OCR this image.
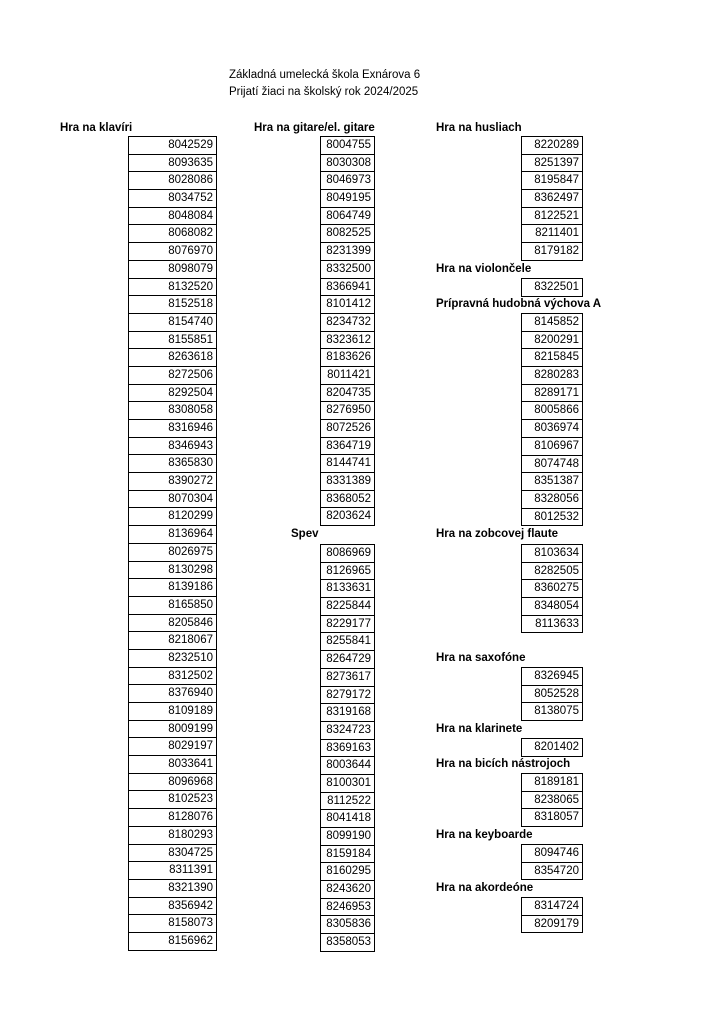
Základná umelecká škola Exnárova 6
Prijatí žiaci na školský rok 2024/2025
Hra na klavíri
8042529
8093635
8028086
8034752
8048084
8068082
8076970
8098079
8132520
8152518
8154740
8155851
8263618
8272506
8292504
8308058
8316946
8346943
8365830
8390272
8070304
8120299
8136964
8026975
8130298
8139186
8165850
8205846
8218067
8232510
8312502
8376940
8109189
8009199
8029197
8033641
8096968
8102523
8128076
8180293
8304725
8311391
8321390
8356942
8158073
8156962
Hra na gitare/el. gitare
8004755
8030308
8046973
8049195
8064749
8082525
8231399
8332500
8366941
8101412
8234732
8323612
8183626
8011421
8204735
8276950
8072526
8364719
8144741
8331389
8368052
8203624
Spev
8086969
8126965
8133631
8225844
8229177
8255841
8264729
8273617
8279172
8319168
8324723
8369163
8003644
8100301
8112522
8041418
8099190
8159184
8160295
8243620
8246953
8305836
8358053
Hra na husliach
8220289
8251397
8195847
8362497
8122521
8211401
8179182
Hra na violončele
8322501
Prípravná hudobná výchova A
8145852
8200291
8215845
8280283
8289171
8005866
8036974
8106967
8074748
8351387
8328056
8012532
Hra na zobcovej flaute
8103634
8282505
8360275
8348054
8113633
Hra na saxofóne
8326945
8052528
8138075
Hra na klarinete
8201402
Hra na bicích nástrojoch
8189181
8238065
8318057
Hra na keyboarde
8094746
8354720
Hra na akordeóne
8314724
8209179
